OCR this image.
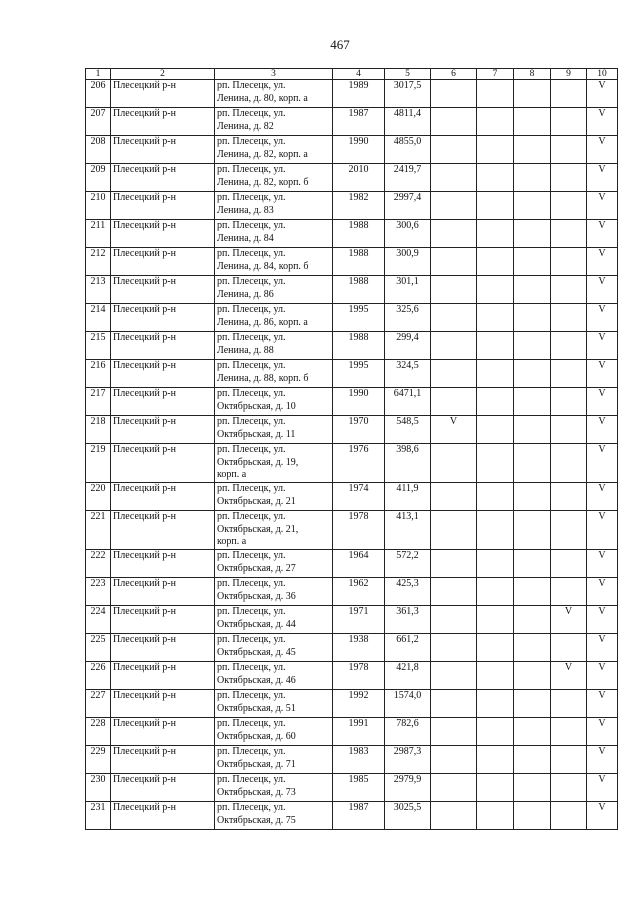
467
1	2	3	4	5	6	7	8	9	10
206	Плесецкий р-н	рп. Плесецк, ул.
Ленина, д. 80, корп. а	1989	3017,5					V
207	Плесецкий р-н	рп. Плесецк, ул.
Ленина, д. 82	1987	4811,4					V
208	Плесецкий р-н	рп. Плесецк, ул.
Ленина, д. 82, корп. а	1990	4855,0					V
209	Плесецкий р-н	рп. Плесецк, ул.
Ленина, д. 82, корп. б	2010	2419,7					V
210	Плесецкий р-н	рп. Плесецк, ул.
Ленина, д. 83	1982	2997,4					V
211	Плесецкий р-н	рп. Плесецк, ул.
Ленина, д. 84	1988	300,6					V
212	Плесецкий р-н	рп. Плесецк, ул.
Ленина, д. 84, корп. б	1988	300,9					V
213	Плесецкий р-н	рп. Плесецк, ул.
Ленина, д. 86	1988	301,1					V
214	Плесецкий р-н	рп. Плесецк, ул.
Ленина, д. 86, корп. а	1995	325,6					V
215	Плесецкий р-н	рп. Плесецк, ул.
Ленина, д. 88	1988	299,4					V
216	Плесецкий р-н	рп. Плесецк, ул.
Ленина, д. 88, корп. б	1995	324,5					V
217	Плесецкий р-н	рп. Плесецк, ул.
Октябрьская, д. 10	1990	6471,1					V
218	Плесецкий р-н	рп. Плесецк, ул.
Октябрьская, д. 11	1970	548,5	V				V
219	Плесецкий р-н	рп. Плесецк, ул.
Октябрьская, д. 19,
корп. а	1976	398,6					V
220	Плесецкий р-н	рп. Плесецк, ул.
Октябрьская, д. 21	1974	411,9					V
221	Плесецкий р-н	рп. Плесецк, ул.
Октябрьская, д. 21,
корп. а	1978	413,1					V
222	Плесецкий р-н	рп. Плесецк, ул.
Октябрьская, д. 27	1964	572,2					V
223	Плесецкий р-н	рп. Плесецк, ул.
Октябрьская, д. 36	1962	425,3					V
224	Плесецкий р-н	рп. Плесецк, ул.
Октябрьская, д. 44	1971	361,3				V	V
225	Плесецкий р-н	рп. Плесецк, ул.
Октябрьская, д. 45	1938	661,2					V
226	Плесецкий р-н	рп. Плесецк, ул.
Октябрьская, д. 46	1978	421,8				V	V
227	Плесецкий р-н	рп. Плесецк, ул.
Октябрьская, д. 51	1992	1574,0					V
228	Плесецкий р-н	рп. Плесецк, ул.
Октябрьская, д. 60	1991	782,6					V
229	Плесецкий р-н	рп. Плесецк, ул.
Октябрьская, д. 71	1983	2987,3					V
230	Плесецкий р-н	рп. Плесецк, ул.
Октябрьская, д. 73	1985	2979,9					V
231	Плесецкий р-н	рп. Плесецк, ул.
Октябрьская, д. 75	1987	3025,5					V
